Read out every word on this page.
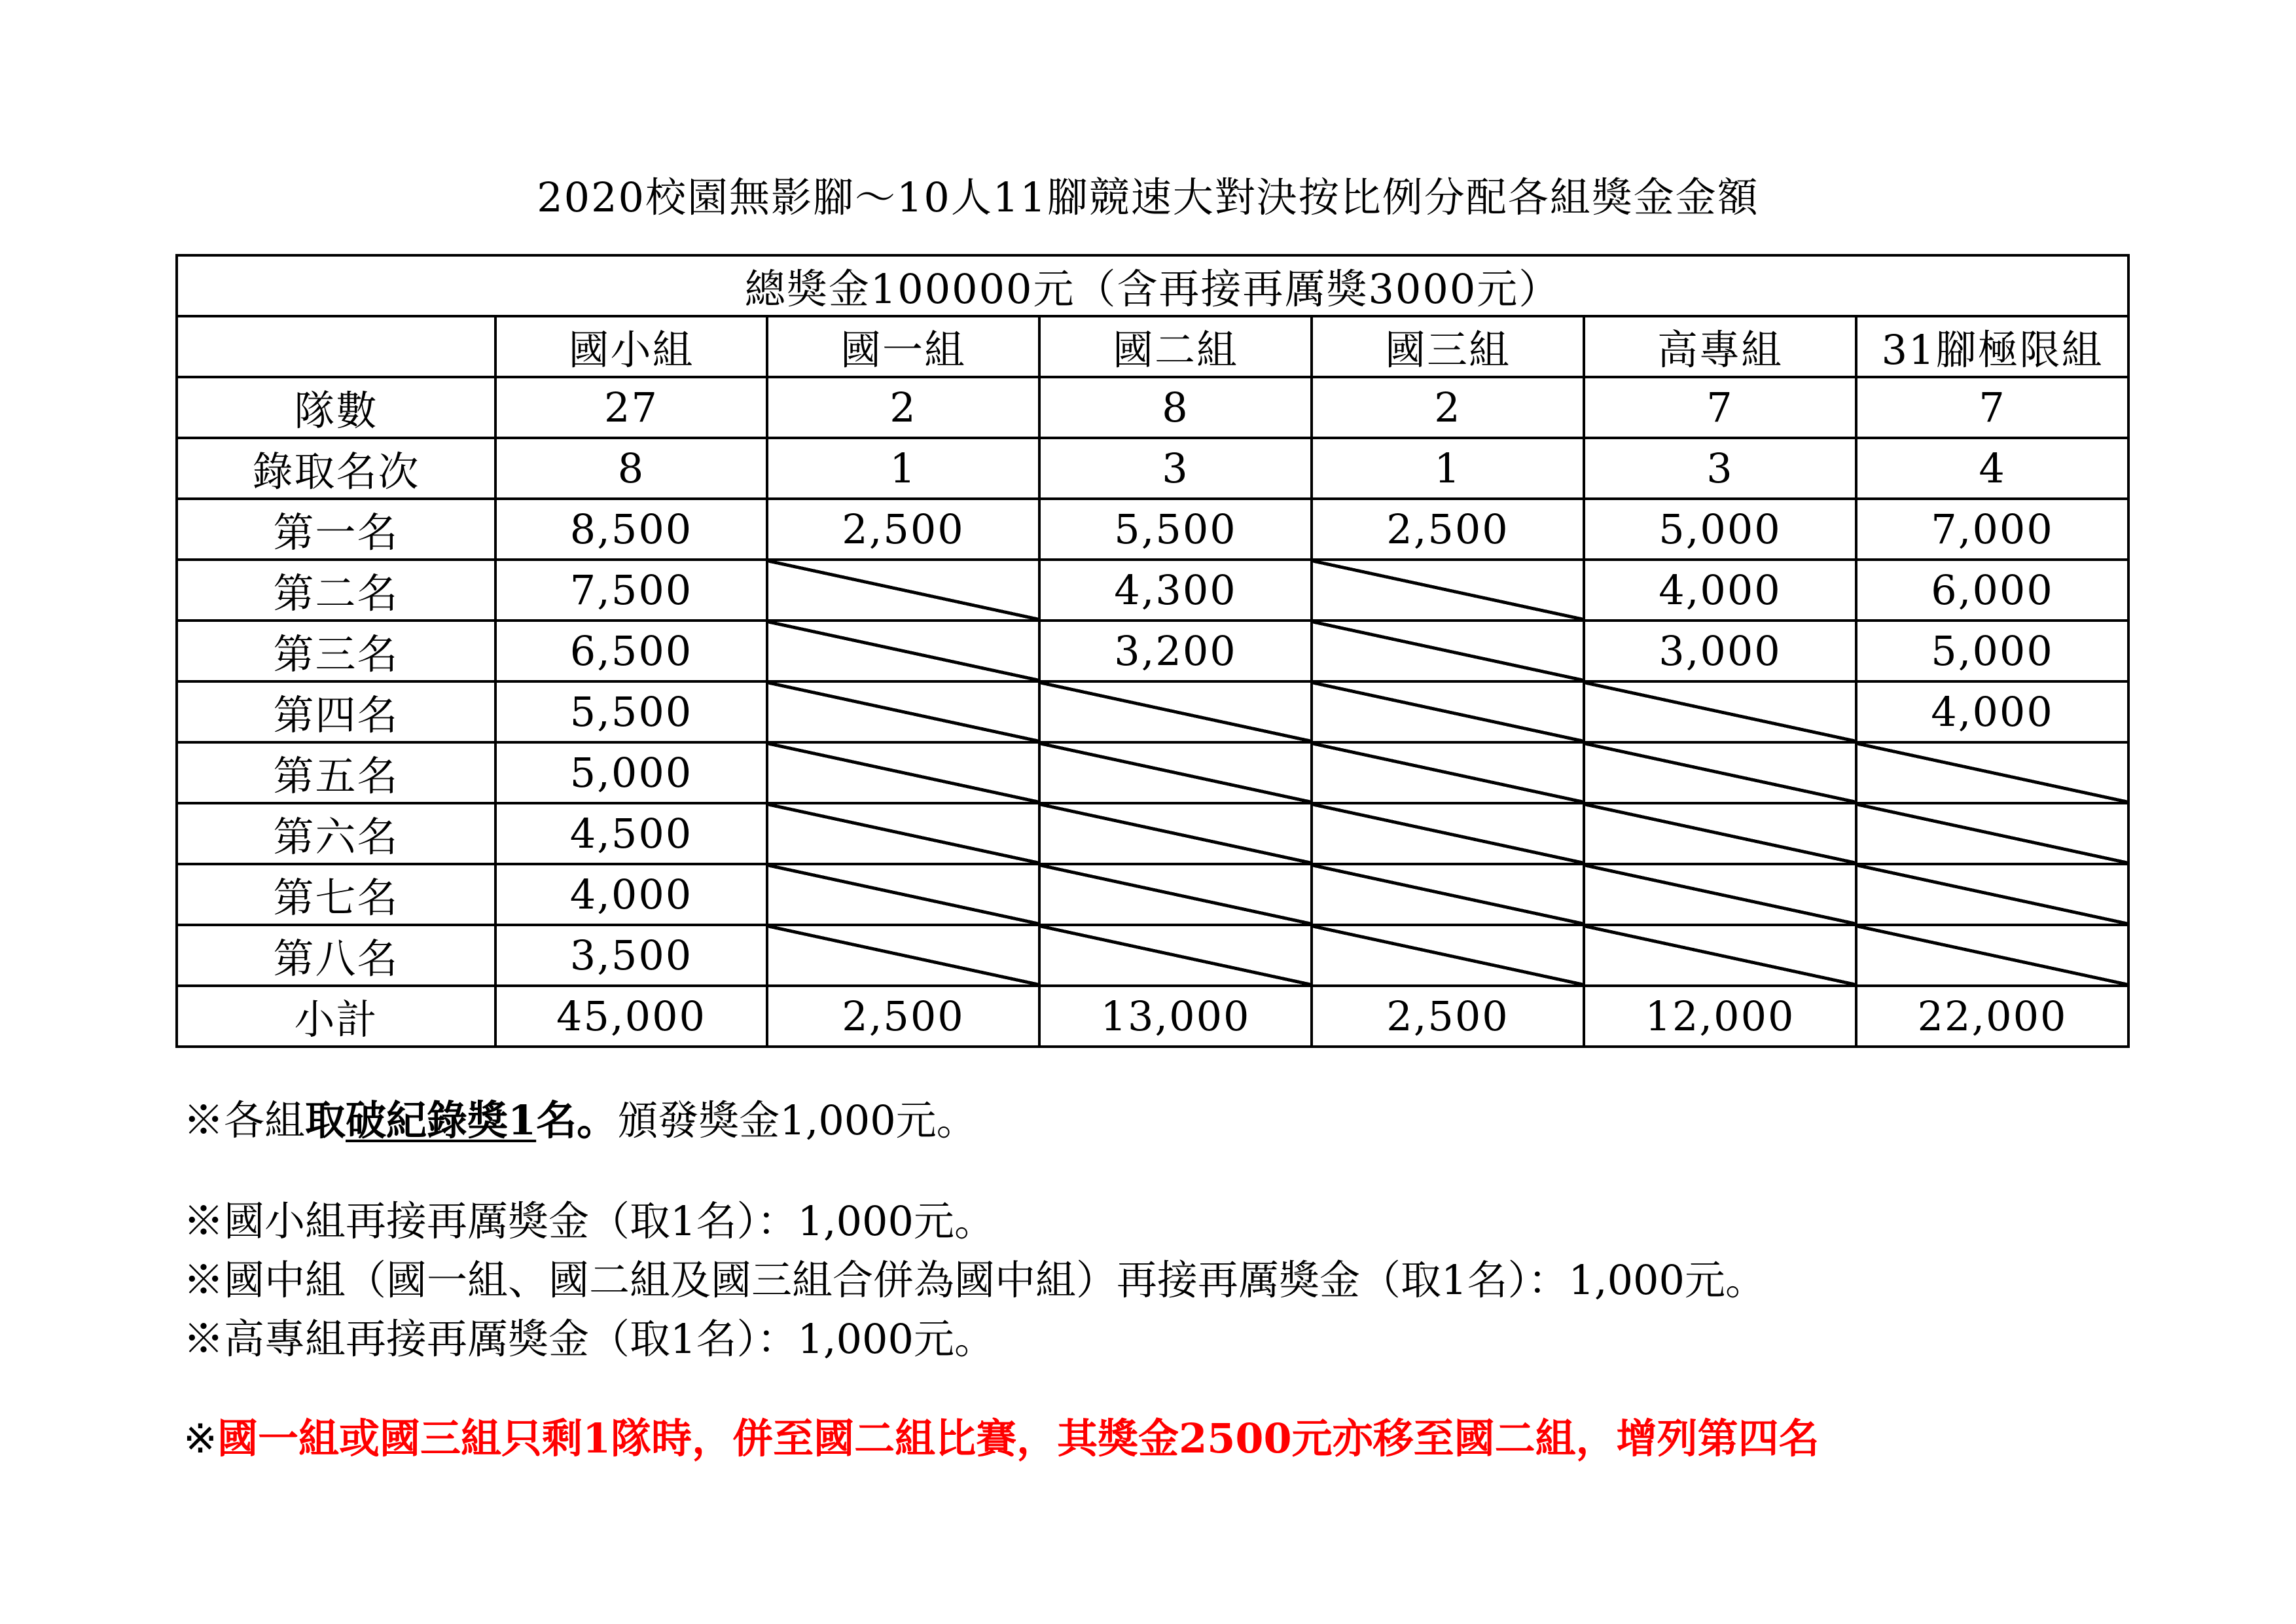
2020校園無影腳～10人11腳競速大對決按比例分配各組獎金金額
總獎金100000元（含再接再厲獎3000元）						
	國小組	國一組	國二組	國三組	高專組	31腳極限組
隊數	27	2	8	2	7	7
錄取名次	8	1	3	1	3	4
第一名	8,500	2,500	5,500	2,500	5,000	7,000
第二名	7,500		4,300		4,000	6,000
第三名	6,500		3,200		3,000	5,000
第四名	5,500					4,000
第五名	5,000					
第六名	4,500					
第七名	4,000					
第八名	3,500					
小計	45,000	2,500	13,000	2,500	12,000	22,000
※各組取破紀錄獎1名。頒發獎金1,000元。
※國小組再接再厲獎金（取1名）：1,000元。
※國中組（國一組、國二組及國三組合併為國中組）再接再厲獎金（取1名）：1,000元。
※高專組再接再厲獎金（取1名）：1,000元。
※國一組或國三組只剩1隊時，併至國二組比賽，其獎金2500元亦移至國二組，增列第四名
